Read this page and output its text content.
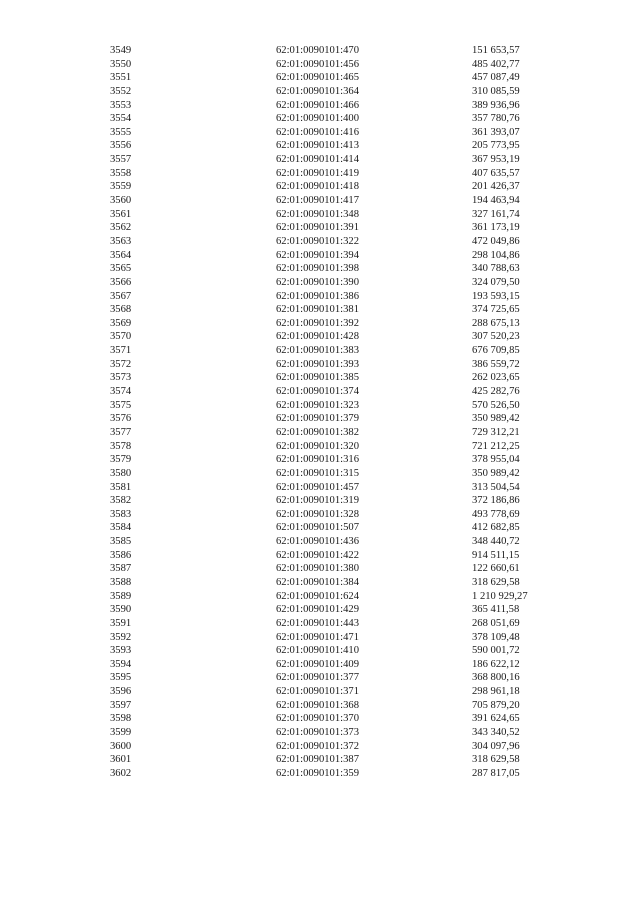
3549	62:01:0090101:470	151 653,57
3550	62:01:0090101:456	485 402,77
3551	62:01:0090101:465	457 087,49
3552	62:01:0090101:364	310 085,59
3553	62:01:0090101:466	389 936,96
3554	62:01:0090101:400	357 780,76
3555	62:01:0090101:416	361 393,07
3556	62:01:0090101:413	205 773,95
3557	62:01:0090101:414	367 953,19
3558	62:01:0090101:419	407 635,57
3559	62:01:0090101:418	201 426,37
3560	62:01:0090101:417	194 463,94
3561	62:01:0090101:348	327 161,74
3562	62:01:0090101:391	361 173,19
3563	62:01:0090101:322	472 049,86
3564	62:01:0090101:394	298 104,86
3565	62:01:0090101:398	340 788,63
3566	62:01:0090101:390	324 079,50
3567	62:01:0090101:386	193 593,15
3568	62:01:0090101:381	374 725,65
3569	62:01:0090101:392	288 675,13
3570	62:01:0090101:428	307 520,23
3571	62:01:0090101:383	676 709,85
3572	62:01:0090101:393	386 559,72
3573	62:01:0090101:385	262 023,65
3574	62:01:0090101:374	425 282,76
3575	62:01:0090101:323	570 526,50
3576	62:01:0090101:379	350 989,42
3577	62:01:0090101:382	729 312,21
3578	62:01:0090101:320	721 212,25
3579	62:01:0090101:316	378 955,04
3580	62:01:0090101:315	350 989,42
3581	62:01:0090101:457	313 504,54
3582	62:01:0090101:319	372 186,86
3583	62:01:0090101:328	493 778,69
3584	62:01:0090101:507	412 682,85
3585	62:01:0090101:436	348 440,72
3586	62:01:0090101:422	914 511,15
3587	62:01:0090101:380	122 660,61
3588	62:01:0090101:384	318 629,58
3589	62:01:0090101:624	1 210 929,27
3590	62:01:0090101:429	365 411,58
3591	62:01:0090101:443	268 051,69
3592	62:01:0090101:471	378 109,48
3593	62:01:0090101:410	590 001,72
3594	62:01:0090101:409	186 622,12
3595	62:01:0090101:377	368 800,16
3596	62:01:0090101:371	298 961,18
3597	62:01:0090101:368	705 879,20
3598	62:01:0090101:370	391 624,65
3599	62:01:0090101:373	343 340,52
3600	62:01:0090101:372	304 097,96
3601	62:01:0090101:387	318 629,58
3602	62:01:0090101:359	287 817,05
